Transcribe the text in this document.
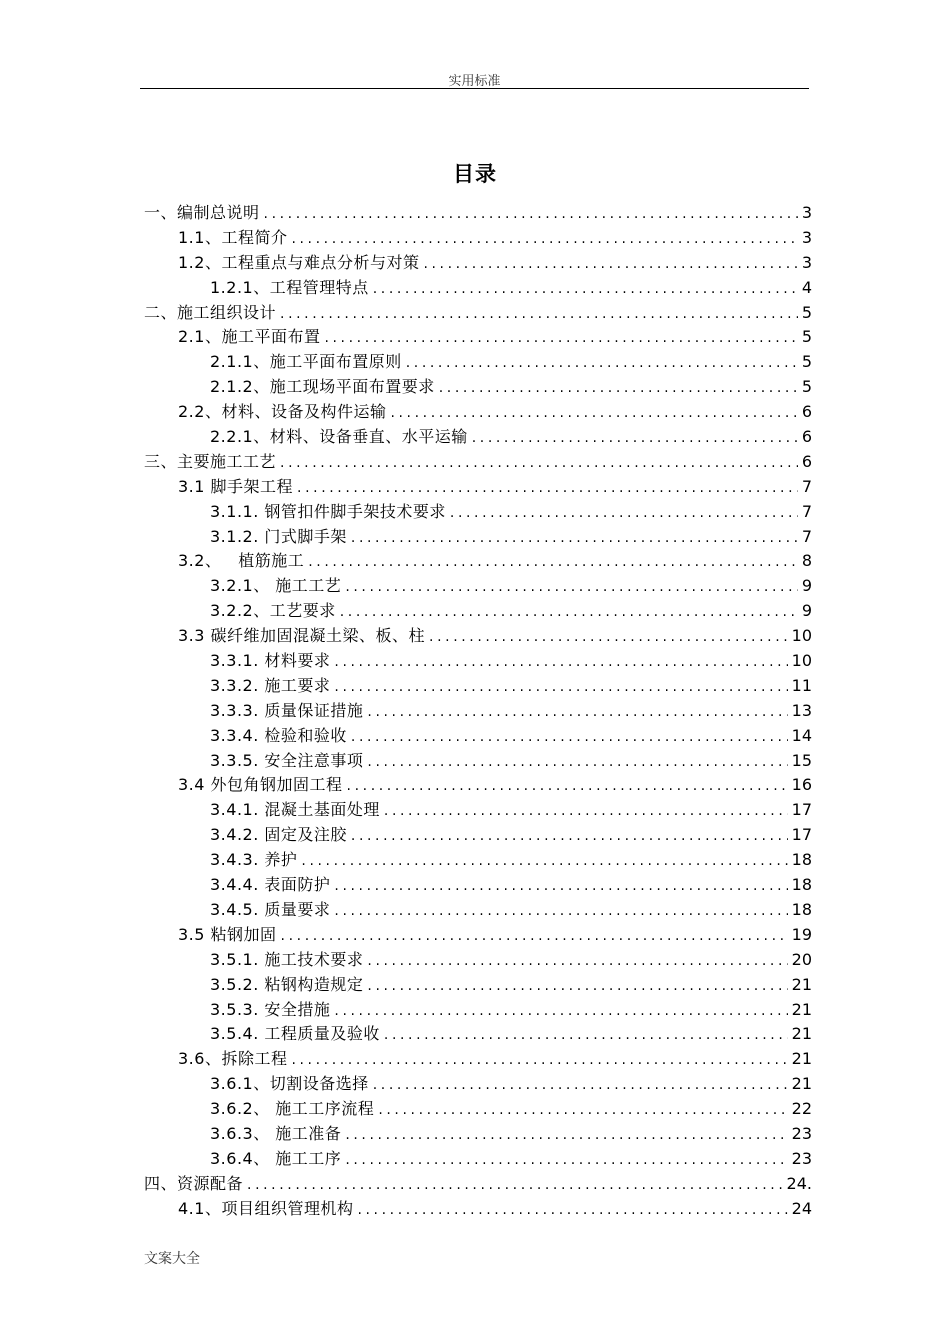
实用标准
目录
一、编制总说明 .....	3
1.1、工程简介 .....	3
1.2、工程重点与难点分析与对策 .....	3
1.2.1、工程管理特点 .....	4
二、施工组织设计 .....	5
2.1、施工平面布置 .....	5
2.1.1、施工平面布置原则 .....	5
2.1.2、施工现场平面布置要求 .....	5
2.2、材料、设备及构件运输 .....	6
2.2.1、材料、设备垂直、水平运输 .....	6
三、主要施工工艺 .....	6
3.1 脚手架工程 .....	7
3.1.1. 钢管扣件脚手架技术要求 .....	7
3.1.2. 门式脚手架 .....	7
3.2、   植筋施工 .....	8
3.2.1、 施工工艺 .....	9
3.2.2、工艺要求 .....	9
3.3 碳纤维加固混凝土梁、板、柱 .....	10
3.3.1. 材料要求 .....	10
3.3.2. 施工要求 .....	11
3.3.3. 质量保证措施 .....	13
3.3.4. 检验和验收 .....	14
3.3.5. 安全注意事项 .....	15
3.4 外包角钢加固工程 .....	16
3.4.1. 混凝土基面处理 .....	17
3.4.2. 固定及注胶 .....	17
3.4.3. 养护 .....	18
3.4.4. 表面防护 .....	18
3.4.5. 质量要求 .....	18
3.5 粘钢加固 .....	19
3.5.1. 施工技术要求 .....	20
3.5.2. 粘钢构造规定 .....	21
3.5.3. 安全措施 .....	21
3.5.4. 工程质量及验收 .....	21
3.6、拆除工程 .....	21
3.6.1、切割设备选择 .....	21
3.6.2、 施工工序流程 .....	22
3.6.3、 施工准备 .....	23
3.6.4、 施工工序 .....	23
四、资源配备 .....	24.
4.1、项目组织管理机构 .....	24
文案大全
